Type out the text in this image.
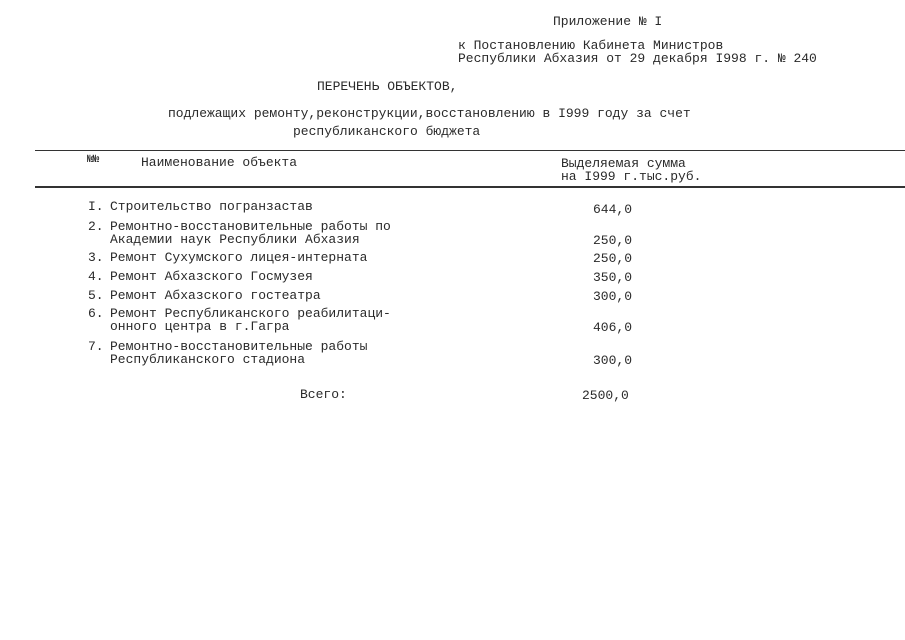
Приложение № I
к Постановлению Кабинета Министров
Республики Абхазия от 29 декабря I998 г. № 240
ПЕРЕЧЕНЬ ОБЪЕКТОВ,
подлежащих ремонту,реконструкции,восстановлению в I999 году за счет
республиканского бюджета
№№	Наименование объекта	Выделяемая сумма
на I999 г.тыс.руб.
I. Строительство погранзастав	644,0
2. Ремонтно-восстановительные работы по
Академии наук Республики Абхазия	250,0
3. Ремонт Сухумского лицея-интерната	250,0
4. Ремонт Абхазского Госмузея	350,0
5. Ремонт Абхазского гостеатра	300,0
6. Ремонт Республиканского реабилитаци-
онного центра в г.Гагра	406,0
7. Ремонтно-восстановительные работы
Республиканского стадиона	300,0
Всего:	2500,0
